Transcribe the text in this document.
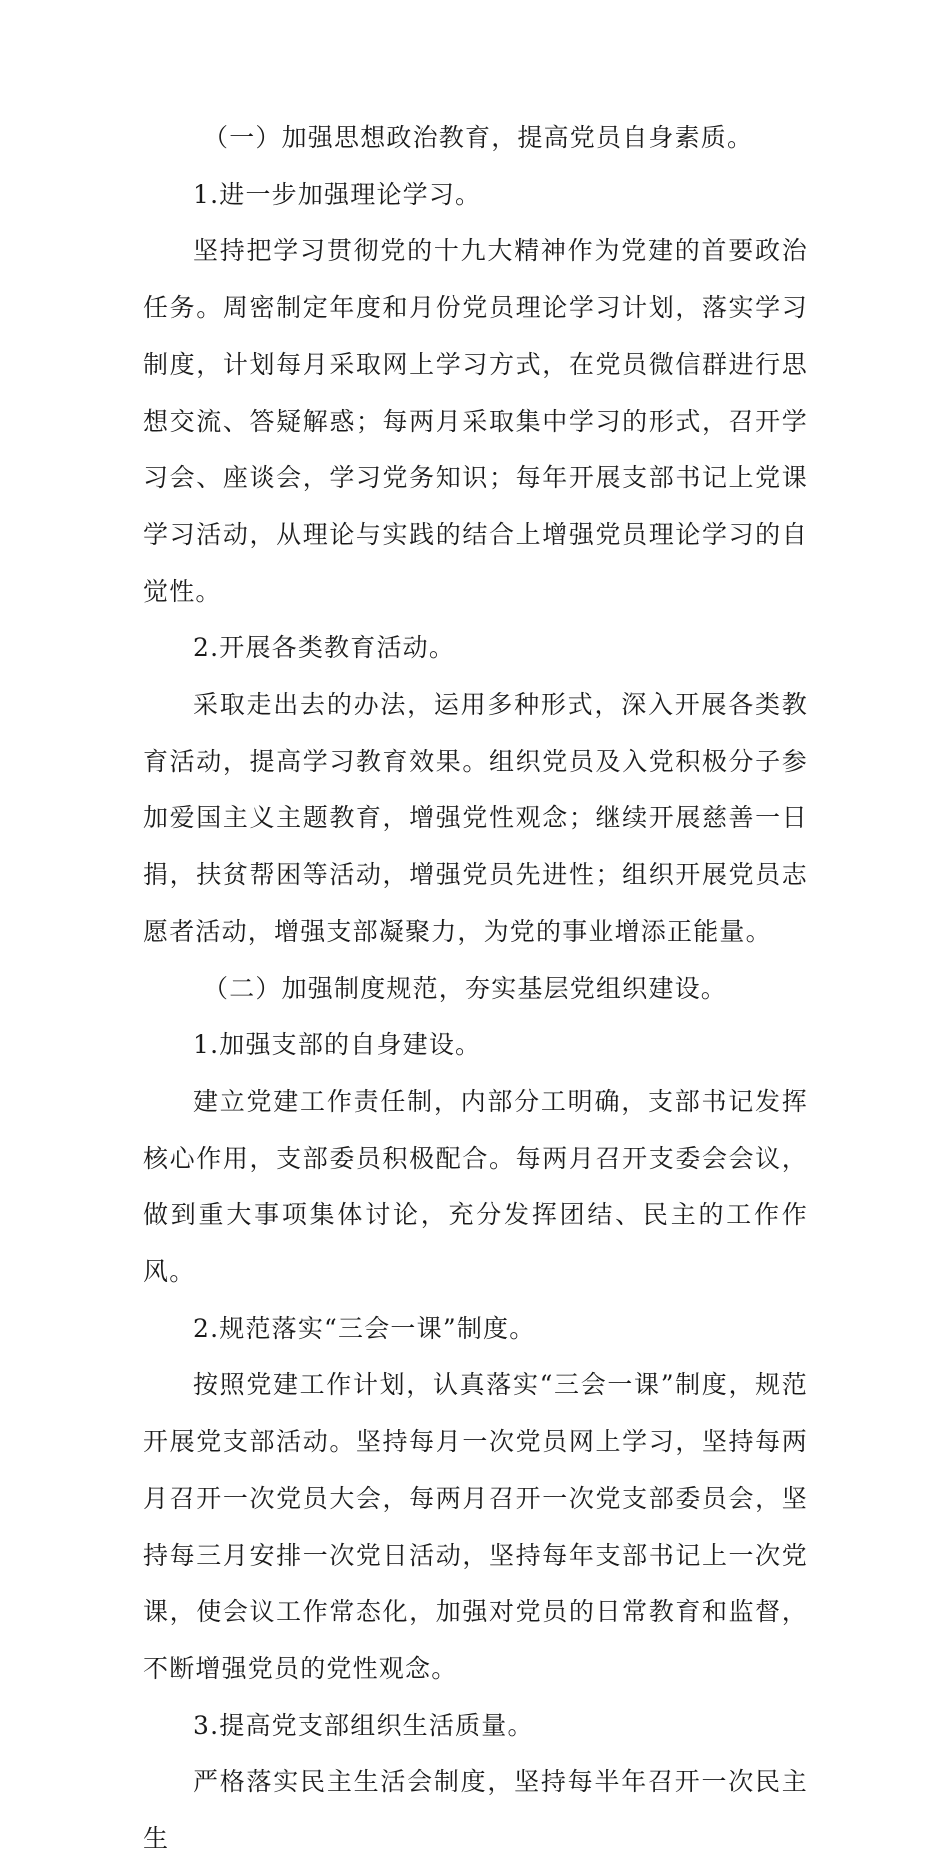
（一）加强思想政治教育，提高党员自身素质。

1.进一步加强理论学习。

坚持把学习贯彻党的十九大精神作为党建的首要政治任务。周密制定年度和月份党员理论学习计划，落实学习制度，计划每月采取网上学习方式，在党员微信群进行思想交流、答疑解惑；每两月采取集中学习的形式，召开学习会、座谈会，学习党务知识；每年开展支部书记上党课学习活动，从理论与实践的结合上增强党员理论学习的自觉性。

2.开展各类教育活动。

采取走出去的办法，运用多种形式，深入开展各类教育活动，提高学习教育效果。组织党员及入党积极分子参加爱国主义主题教育，增强党性观念；继续开展慈善一日捐，扶贫帮困等活动，增强党员先进性；组织开展党员志愿者活动，增强支部凝聚力，为党的事业增添正能量。

（二）加强制度规范，夯实基层党组织建设。

1.加强支部的自身建设。

建立党建工作责任制，内部分工明确，支部书记发挥核心作用，支部委员积极配合。每两月召开支委会会议，做到重大事项集体讨论，充分发挥团结、民主的工作作风。

2.规范落实“三会一课”制度。

按照党建工作计划，认真落实“三会一课”制度，规范开展党支部活动。坚持每月一次党员网上学习，坚持每两月召开一次党员大会，每两月召开一次党支部委员会，坚持每三月安排一次党日活动，坚持每年支部书记上一次党课，使会议工作常态化，加强对党员的日常教育和监督，不断增强党员的党性观念。

3.提高党支部组织生活质量。

严格落实民主生活会制度，坚持每半年召开一次民主生
